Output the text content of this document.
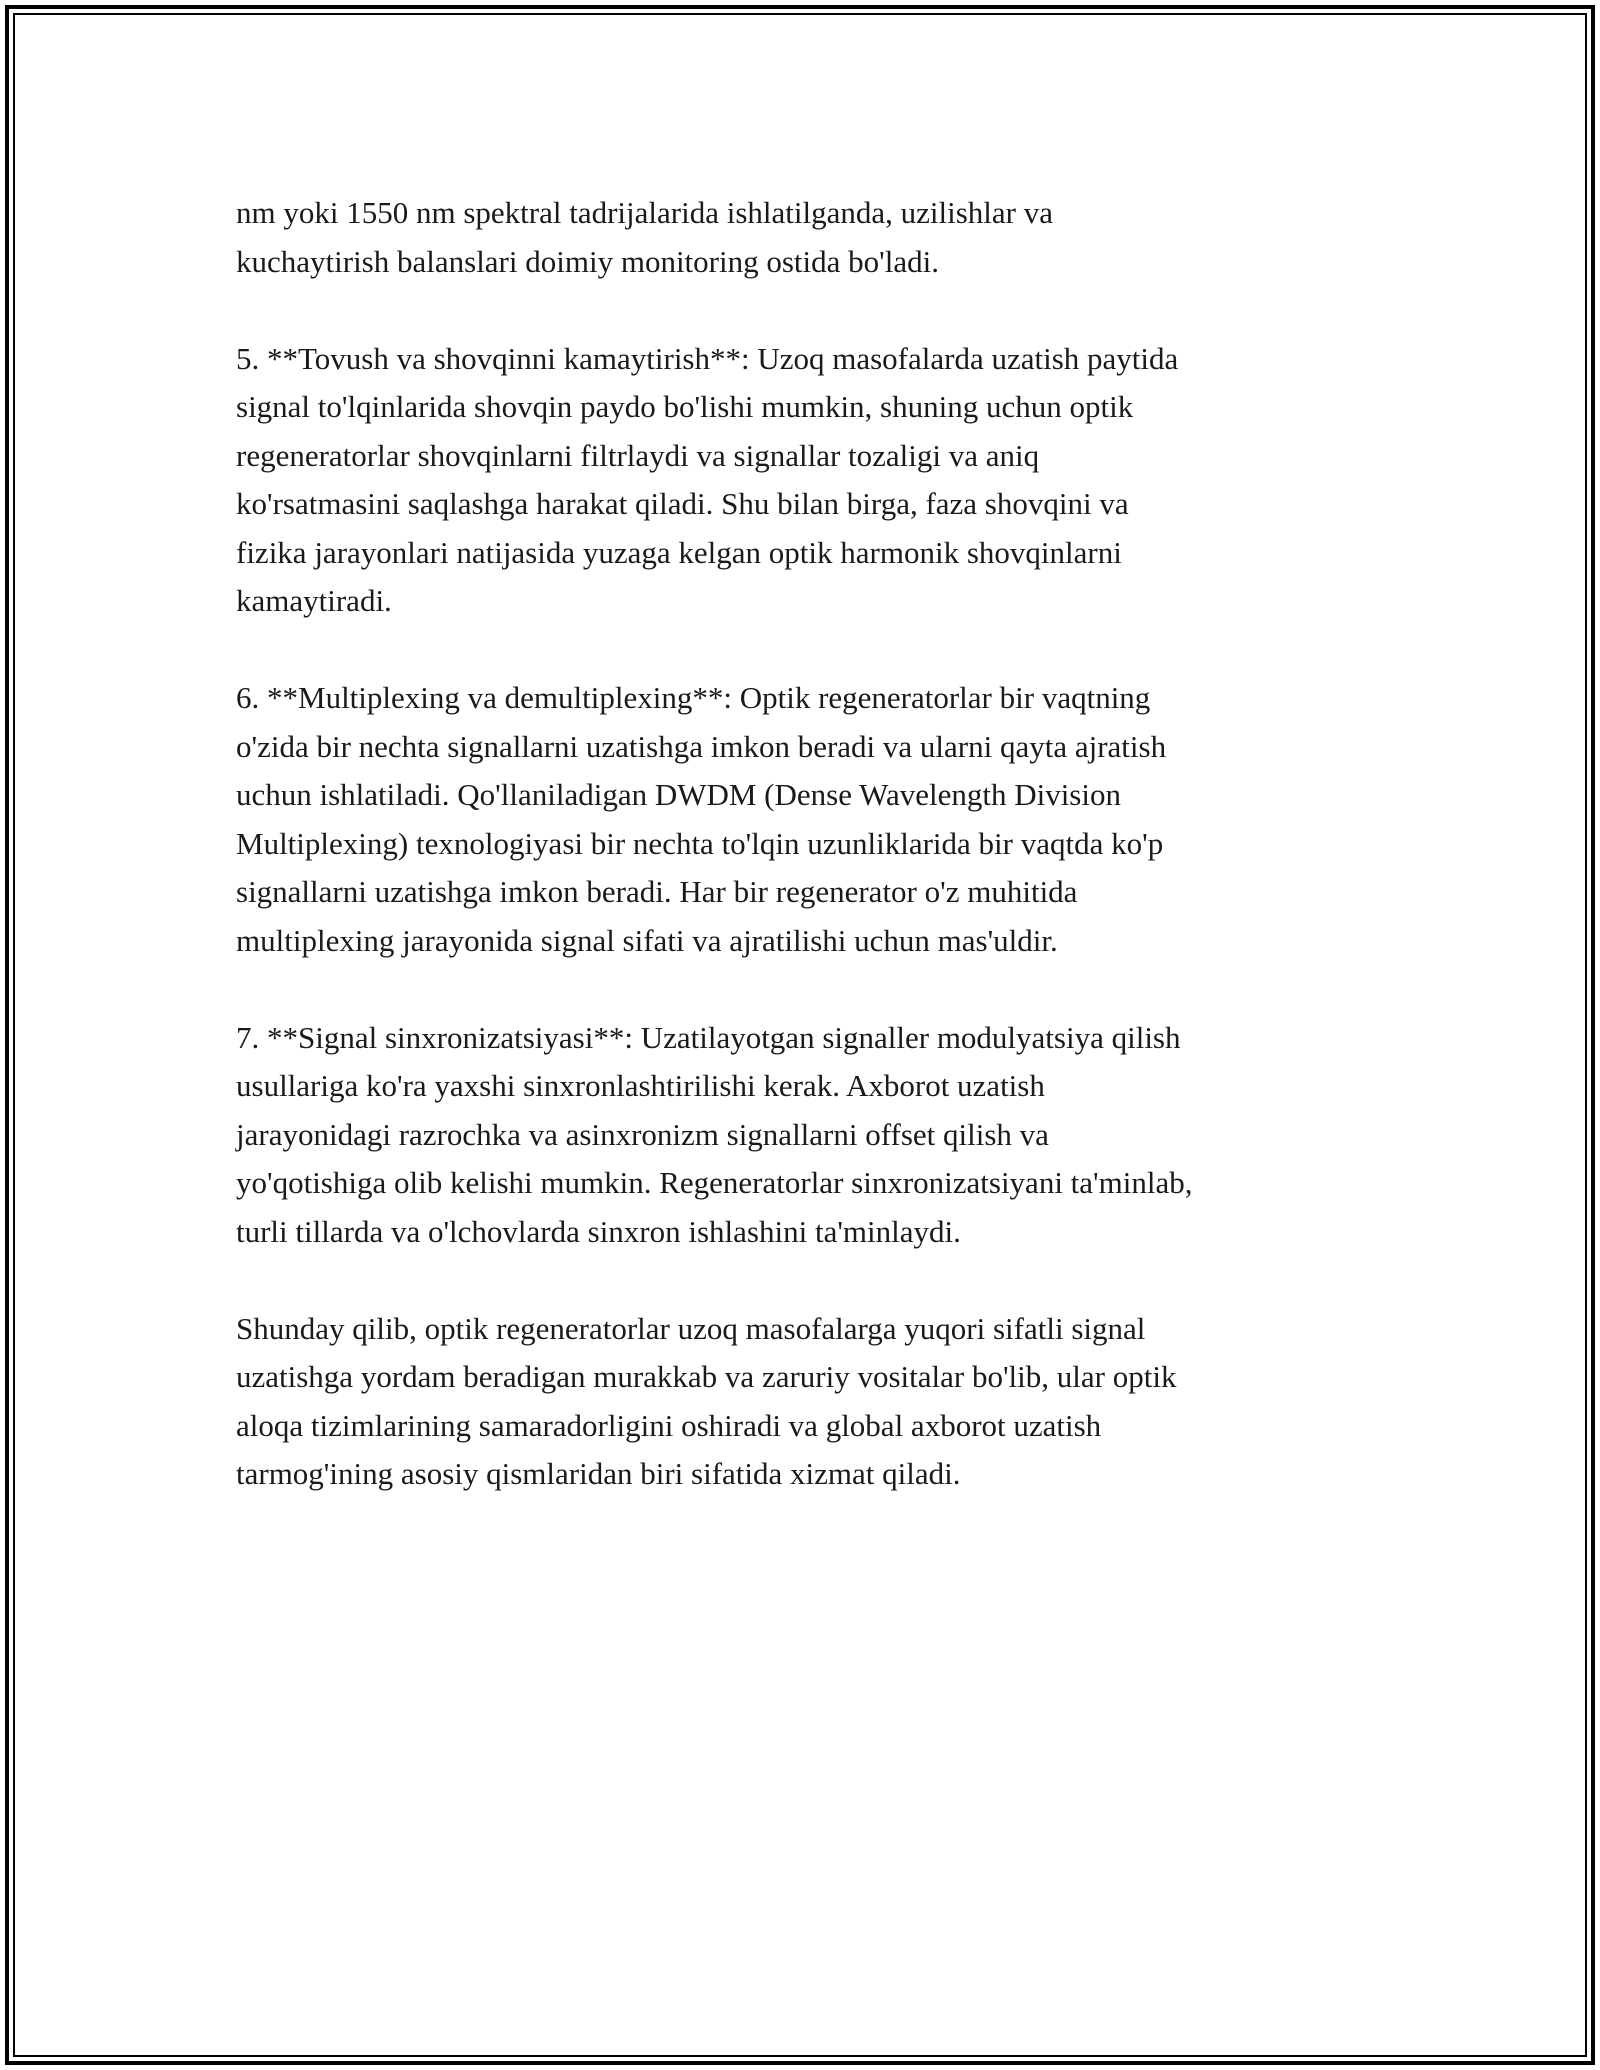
nm yoki 1550 nm spektral tadrijalarida ishlatilganda, uzilishlar va
kuchaytirish balanslari doimiy monitoring ostida bo'ladi.

5. **Tovush va shovqinni kamaytirish**: Uzoq masofalarda uzatish paytida
signal to'lqinlarida shovqin paydo bo'lishi mumkin, shuning uchun optik
regeneratorlar shovqinlarni filtrlaydi va signallar tozaligi va aniq
ko'rsatmasini saqlashga harakat qiladi. Shu bilan birga, faza shovqini va
fizika jarayonlari natijasida yuzaga kelgan optik harmonik shovqinlarni
kamaytiradi.

6. **Multiplexing va demultiplexing**: Optik regeneratorlar bir vaqtning
o'zida bir nechta signallarni uzatishga imkon beradi va ularni qayta ajratish
uchun ishlatiladi. Qo'llaniladigan DWDM (Dense Wavelength Division
Multiplexing) texnologiyasi bir nechta to'lqin uzunliklarida bir vaqtda ko'p
signallarni uzatishga imkon beradi. Har bir regenerator o'z muhitida
multiplexing jarayonida signal sifati va ajratilishi uchun mas'uldir.

7. **Signal sinxronizatsiyasi**: Uzatilayotgan signaller modulyatsiya qilish
usullariga ko'ra yaxshi sinxronlashtirilishi kerak. Axborot uzatish
jarayonidagi razrochka va asinxronizm signallarni offset qilish va
yo'qotishiga olib kelishi mumkin. Regeneratorlar sinxronizatsiyani ta'minlab,
turli tillarda va o'lchovlarda sinxron ishlashini ta'minlaydi.

Shunday qilib, optik regeneratorlar uzoq masofalarga yuqori sifatli signal
uzatishga yordam beradigan murakkab va zaruriy vositalar bo'lib, ular optik
aloqa tizimlarining samaradorligini oshiradi va global axborot uzatish
tarmog'ining asosiy qismlaridan biri sifatida xizmat qiladi.
